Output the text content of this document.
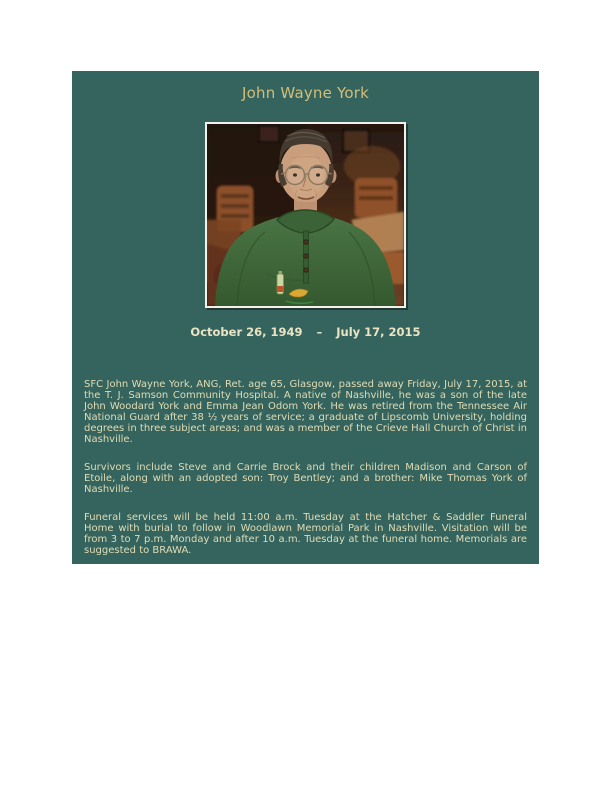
John Wayne York
October 26, 1949 – July 17, 2015

SFC John Wayne York, ANG, Ret. age 65, Glasgow, passed away Friday, July 17, 2015, at the T. J. Samson Community Hospital. A native of Nashville, he was a son of the late John Woodard York and Emma Jean Odom York. He was retired from the Tennessee Air National Guard after 38 ½ years of service; a graduate of Lipscomb University, holding degrees in three subject areas; and was a member of the Crieve Hall Church of Christ in Nashville.

Survivors include Steve and Carrie Brock and their children Madison and Carson of Etoile, along with an adopted son: Troy Bentley; and a brother: Mike Thomas York of Nashville.

Funeral services will be held 11:00 a.m. Tuesday at the Hatcher & Saddler Funeral Home with burial to follow in Woodlawn Memorial Park in Nashville. Visitation will be from 3 to 7 p.m. Monday and after 10 a.m. Tuesday at the funeral home. Memorials are suggested to BRAWA.
